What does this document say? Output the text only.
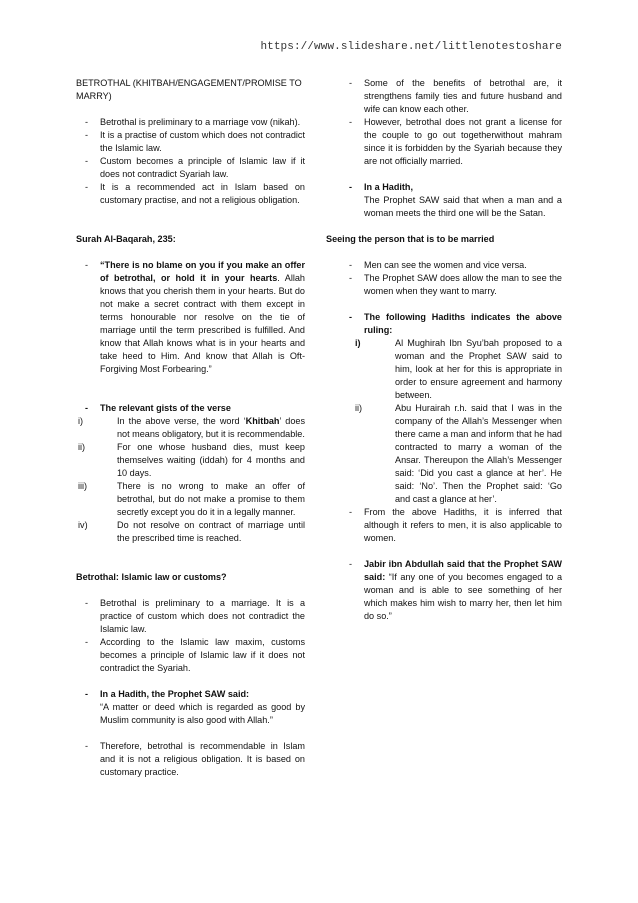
https://www.slideshare.net/littlenotestoshare

BETROTHAL (KHITBAH/ENGAGEMENT/PROMISE TO MARRY)

-	Betrothal is preliminary to a marriage vow (nikah).
-	It is a practise of custom which does not contradict the Islamic law.
-	Custom becomes a principle of Islamic law if it does not contradict Syariah law.
-	It is a recommended act in Islam based on customary practise, and not a religious obligation.

Surah Al-Baqarah, 235:

-	“There is no blame on you if you make an offer of betrothal, or hold it in your hearts. Allah knows that you cherish them in your hearts. But do not make a secret contract with them except in terms honourable nor resolve on the tie of marriage until the term prescribed is fulfilled. And know that Allah knows what is in your hearts and take heed to Him. And know that Allah is Oft-Forgiving Most Forbearing.”
-	The relevant gists of the verse
i)	In the above verse, the word ‘Khitbah’ does not means obligatory, but it is recommendable.
ii)	For one whose husband dies, must keep themselves waiting (iddah) for 4 months and 10 days.
iii)	There is no wrong to make an offer of betrothal, but do not make a promise to them secretly except you do it in a legally manner.
iv)	Do not resolve on contract of marriage until the prescribed time is reached.

Betrothal: Islamic law or customs?

-	Betrothal is preliminary to a marriage. It is a practice of custom which does not contradict the Islamic law.
-	According to the Islamic law maxim, customs becomes a principle of Islamic law if it does not contradict the Syariah.
-	In a Hadith, the Prophet SAW said:
“A matter or deed which is regarded as good by Muslim community is also good with Allah.”
-	Therefore, betrothal is recommendable in Islam and it is not a religious obligation. It is based on customary practice.
-	Some of the benefits of betrothal are, it strengthens family ties and future husband and wife can know each other.
-	However, betrothal does not grant a license for the couple to go out togetherwithout mahram since it is forbidden by the Syariah because they are not officially married.
-	In a Hadith,
The Prophet SAW said that when a man and a woman meets the third one will be the Satan.

Seeing the person that is to be married

-	Men can see the women and vice versa.
-	The Prophet SAW does allow the man to see the women when they want to marry.
-	The following Hadiths indicates the above ruling:
i)	Al Mughirah Ibn Syu’bah proposed to a woman and the Prophet SAW said to him, look at her for this is appropriate in order to ensure agreement and harmony between.
ii)	Abu Hurairah r.h. said that I was in the company of the Allah’s Messenger when there came a man and inform that he had contracted to marry a woman of the Ansar. Thereupon the Allah’s Messenger said: ‘Did you cast a glance at her’. He said: ‘No’. Then the Prophet said: ‘Go and cast a glance at her’.
-	From the above Hadiths, it is inferred that although it refers to men, it is also applicable to women.
-	Jabir ibn Abdullah said that the Prophet SAW said: “If any one of you becomes engaged to a woman and is able to see something of her which makes him wish to marry her, then let him do so.”
